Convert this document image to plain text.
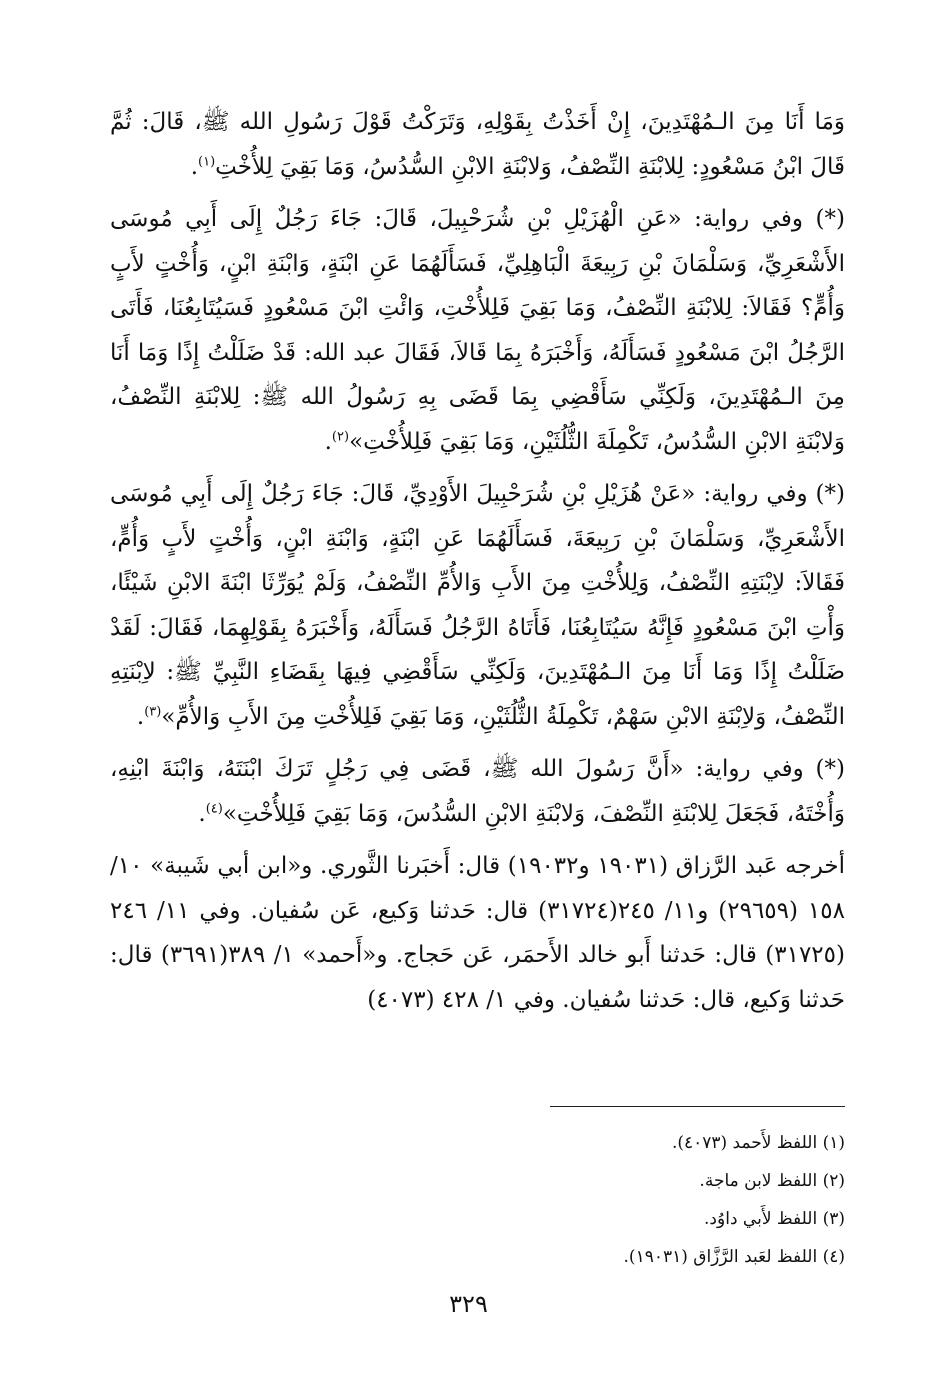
وَمَا أَنَا مِنَ الـمُهْتَدِينَ، إِنْ أَخَذْتُ بِقَوْلِهِ، وَتَرَكْتُ قَوْلَ رَسُولِ الله ﷺ، قَالَ: ثُمَّ قَالَ ابْنُ مَسْعُودٍ: لِلابْنَةِ النِّصْفُ، وَلابْنَةِ الابْنِ السُّدُسُ، وَمَا بَقِيَ لِلأُخْتِ$^{(١)}$.

(*) وفي رواية: «عَنِ الْهُزَيْلِ بْنِ شُرَحْبِيلَ، قَالَ: جَاءَ رَجُلٌ إِلَى أَبِي مُوسَى الأَشْعَرِيِّ، وَسَلْمَانَ بْنِ رَبِيعَةَ الْبَاهِلِيِّ، فَسَأَلَهُمَا عَنِ ابْنَةٍ، وَابْنَةِ ابْنٍ، وَأُخْتٍ لأَبٍ وَأُمٍّ؟ فَقَالاَ: لِلابْنَةِ النِّصْفُ، وَمَا بَقِيَ فَلِلأُخْتِ، وَائْتِ ابْنَ مَسْعُودٍ فَسَيُتَابِعُنَا، فَأَتَى الرَّجُلُ ابْنَ مَسْعُودٍ فَسَأَلَهُ، وَأَخْبَرَهُ بِمَا قَالاَ، فَقَالَ عبد الله: قَدْ ضَلَلْتُ إِذًا وَمَا أَنَا مِنَ الـمُهْتَدِينَ، وَلَكِنِّي سَأَقْضِي بِمَا قَضَى بِهِ رَسُولُ الله ﷺ: لِلابْنَةِ النِّصْفُ، وَلابْنَةِ الابْنِ السُّدُسُ، تَكْمِلَةَ الثُّلُثَيْنِ، وَمَا بَقِيَ فَلِلأُخْتِ»$^{(٢)}$.

(*) وفي رواية: «عَنْ هُزَيْلِ بْنِ شُرَحْبِيلَ الأَوْدِيِّ، قَالَ: جَاءَ رَجُلٌ إِلَى أَبِي مُوسَى الأَشْعَرِيِّ، وَسَلْمَانَ بْنِ رَبِيعَةَ، فَسَأَلَهُمَا عَنِ ابْنَةٍ، وَابْنَةِ ابْنٍ، وَأُخْتٍ لأَبٍ وَأُمٍّ، فَقَالاَ: لاِبْنَتِهِ النِّصْفُ، وَلِلأُخْتِ مِنَ الأَبِ وَالأُمِّ النِّصْفُ، وَلَمْ يُوَرِّثَا ابْنَةَ الابْنِ شَيْئًا، وَأْتِ ابْنَ مَسْعُودٍ فَإِنَّهُ سَيُتَابِعُنَا، فَأَتَاهُ الرَّجُلُ فَسَأَلَهُ، وَأَخْبَرَهُ بِقَوْلِهِمَا، فَقَالَ: لَقَدْ ضَلَلْتُ إِذًا وَمَا أَنَا مِنَ الـمُهْتَدِينَ، وَلَكِنِّي سَأَقْضِي فِيهَا بِقَضَاءِ النَّبِيِّ ﷺ: لاِبْنَتِهِ النِّصْفُ، وَلاِبْنَةِ الابْنِ سَهْمٌ، تَكْمِلَةُ الثُّلُثَيْنِ، وَمَا بَقِيَ فَلِلأُخْتِ مِنَ الأَبِ وَالأُمِّ»$^{(٣)}$.

(*) وفي رواية: «أَنَّ رَسُولَ الله ﷺ، قَضَى فِي رَجُلٍ تَرَكَ ابْنَتَهُ، وَابْنَةَ ابْنِهِ، وَأُخْتَهُ، فَجَعَلَ لِلابْنَةِ النِّصْفَ، وَلابْنَةِ الابْنِ السُّدُسَ، وَمَا بَقِيَ فَلِلأُخْتِ»$^{(٤)}$.

أخرجه عَبد الرَّزاق (١٩٠٣١ و١٩٠٣٢) قال: أَخبَرنا الثَّوري. و«ابن أبي شَيبة» ١٠/ ١٥٨ (٢٩٦٥٩) و١١/ ٢٤٥(٣١٧٢٤) قال: حَدثنا وَكيع، عَن سُفيان. وفي ١١/ ٢٤٦ (٣١٧٢٥) قال: حَدثنا أَبو خالد الأَحمَر، عَن حَجاج. و«أَحمد» ١/ ٣٨٩(٣٦٩١) قال: حَدثنا وَكيع، قال: حَدثنا سُفيان. وفي ١/ ٤٢٨ (٤٠٧٣)

(١) اللفظ لأَحمد (٤٠٧٣).
(٢) اللفظ لابن ماجة.
(٣) اللفظ لأَبي داوُد.
(٤) اللفظ لعَبد الرَّزَّاق (١٩٠٣١).
٣٢٩
